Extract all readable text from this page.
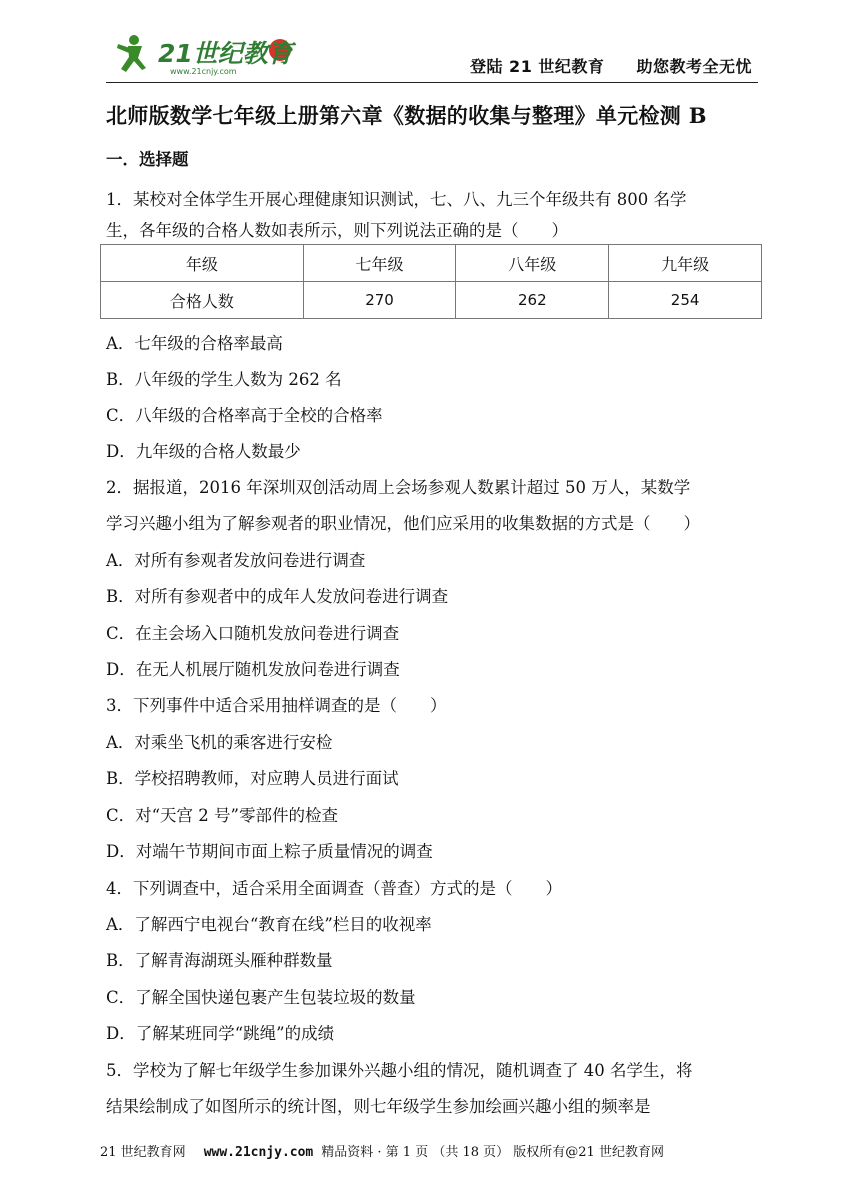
21世纪教育
www.21cnjy.com	登陆 21 世纪教育 助您教考全无忧
北师版数学七年级上册第六章《数据的收集与整理》单元检测 B
一．选择题
1．某校对全体学生开展心理健康知识测试，七、八、九三个年级共有 800 名学
生，各年级的合格人数如表所示，则下列说法正确的是（　　）
年级	七年级	八年级	九年级
合格人数	270	262	254
A．七年级的合格率最高
B．八年级的学生人数为 262 名
C．八年级的合格率高于全校的合格率
D．九年级的合格人数最少
2．据报道，2016 年深圳双创活动周上会场参观人数累计超过 50 万人，某数学
学习兴趣小组为了解参观者的职业情况，他们应采用的收集数据的方式是（　　）
A．对所有参观者发放问卷进行调查
B．对所有参观者中的成年人发放问卷进行调查
C．在主会场入口随机发放问卷进行调查
D．在无人机展厅随机发放问卷进行调查
3．下列事件中适合采用抽样调查的是（　　）
A．对乘坐飞机的乘客进行安检
B．学校招聘教师，对应聘人员进行面试
C．对“天宫 2 号”零部件的检查
D．对端午节期间市面上粽子质量情况的调查
4．下列调查中，适合采用全面调查（普查）方式的是（　　）
A．了解西宁电视台“教育在线”栏目的收视率
B．了解青海湖斑头雁种群数量
C．了解全国快递包裹产生包装垃圾的数量
D．了解某班同学“跳绳”的成绩
5．学校为了解七年级学生参加课外兴趣小组的情况，随机调查了 40 名学生，将
结果绘制成了如图所示的统计图，则七年级学生参加绘画兴趣小组的频率是
21 世纪教育网 www.21cnjy.com 精品资料 · 第 1 页 （共 18 页） 版权所有@21 世纪教育网
